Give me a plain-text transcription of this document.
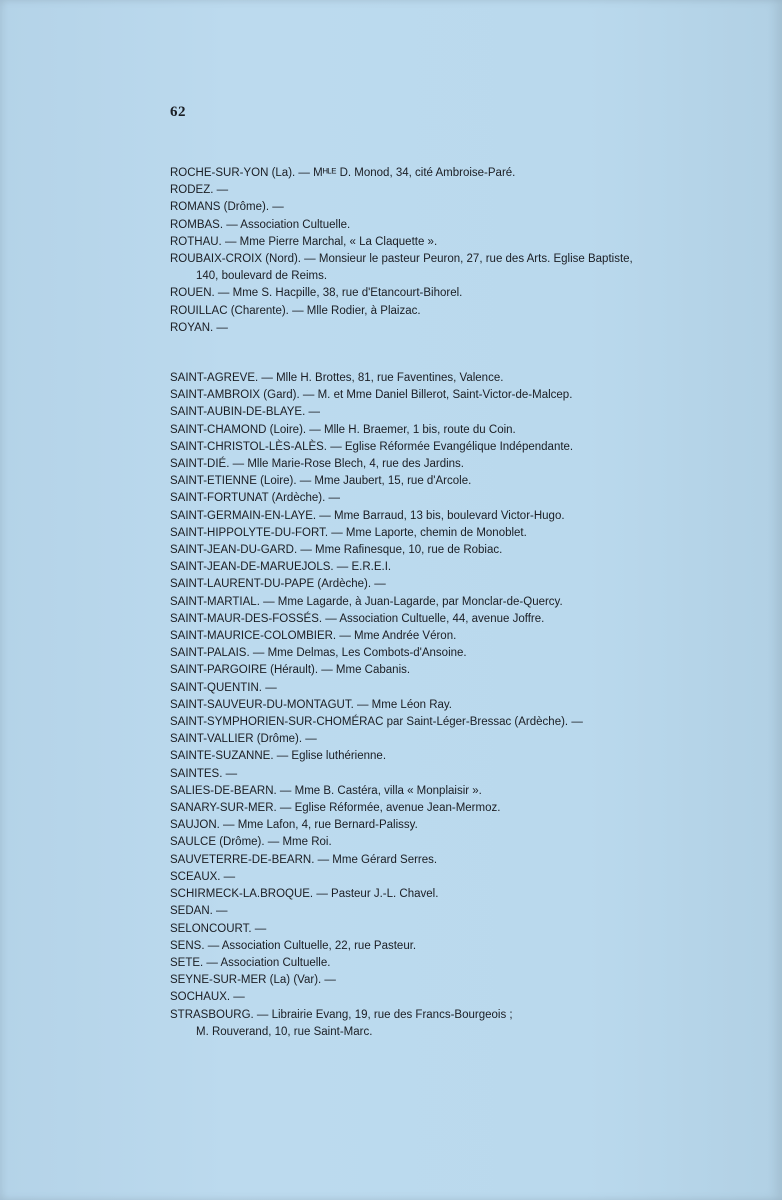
62
ROCHE-SUR-YON (La). — Mᴴᴸᴱ D. Monod, 34, cité Ambroise-Paré.
RODEZ. —
ROMANS (Drôme). —
ROMBAS. — Association Cultuelle.
ROTHAU. — Mme Pierre Marchal, « La Claquette ».
ROUBAIX-CROIX (Nord). — Monsieur le pasteur Peuron, 27, rue des Arts. Eglise Baptiste,
140, boulevard de Reims.
ROUEN. — Mme S. Hacpille, 38, rue d'Etancourt-Bihorel.
ROUILLAC (Charente). — Mlle Rodier, à Plaizac.
ROYAN. —
SAINT-AGREVE. — Mlle H. Brottes, 81, rue Faventines, Valence.
SAINT-AMBROIX (Gard). — M. et Mme Daniel Billerot, Saint-Victor-de-Malcep.
SAINT-AUBIN-DE-BLAYE. —
SAINT-CHAMOND (Loire). — Mlle H. Braemer, 1 bis, route du Coin.
SAINT-CHRISTOL-LÈS-ALÈS. — Eglise Réformée Evangélique Indépendante.
SAINT-DIÉ. — Mlle Marie-Rose Blech, 4, rue des Jardins.
SAINT-ETIENNE (Loire). — Mme Jaubert, 15, rue d'Arcole.
SAINT-FORTUNAT (Ardèche). —
SAINT-GERMAIN-EN-LAYE. — Mme Barraud, 13 bis, boulevard Victor-Hugo.
SAINT-HIPPOLYTE-DU-FORT. — Mme Laporte, chemin de Monoblet.
SAINT-JEAN-DU-GARD. — Mme Rafinesque, 10, rue de Robiac.
SAINT-JEAN-DE-MARUEJOLS. — E.R.E.I.
SAINT-LAURENT-DU-PAPE (Ardèche). —
SAINT-MARTIAL. — Mme Lagarde, à Juan-Lagarde, par Monclar-de-Quercy.
SAINT-MAUR-DES-FOSSÉS. — Association Cultuelle, 44, avenue Joffre.
SAINT-MAURICE-COLOMBIER. — Mme Andrée Véron.
SAINT-PALAIS. — Mme Delmas, Les Combots-d'Ansoine.
SAINT-PARGOIRE (Hérault). — Mme Cabanis.
SAINT-QUENTIN. —
SAINT-SAUVEUR-DU-MONTAGUT. — Mme Léon Ray.
SAINT-SYMPHORIEN-SUR-CHOMÉRAC par Saint-Léger-Bressac (Ardèche). —
SAINT-VALLIER (Drôme). —
SAINTE-SUZANNE. — Eglise luthérienne.
SAINTES. —
SALIES-DE-BEARN. — Mme B. Castéra, villa « Monplaisir ».
SANARY-SUR-MER. — Eglise Réformée, avenue Jean-Mermoz.
SAUJON. — Mme Lafon, 4, rue Bernard-Palissy.
SAULCE (Drôme). — Mme Roi.
SAUVETERRE-DE-BEARN. — Mme Gérard Serres.
SCEAUX. —
SCHIRMECK-LA.BROQUE. — Pasteur J.-L. Chavel.
SEDAN. —
SELONCOURT. —
SENS. — Association Cultuelle, 22, rue Pasteur.
SETE. — Association Cultuelle.
SEYNE-SUR-MER (La) (Var). —
SOCHAUX. —
STRASBOURG. — Librairie Evang, 19, rue des Francs-Bourgeois ;
M. Rouverand, 10, rue Saint-Marc.
